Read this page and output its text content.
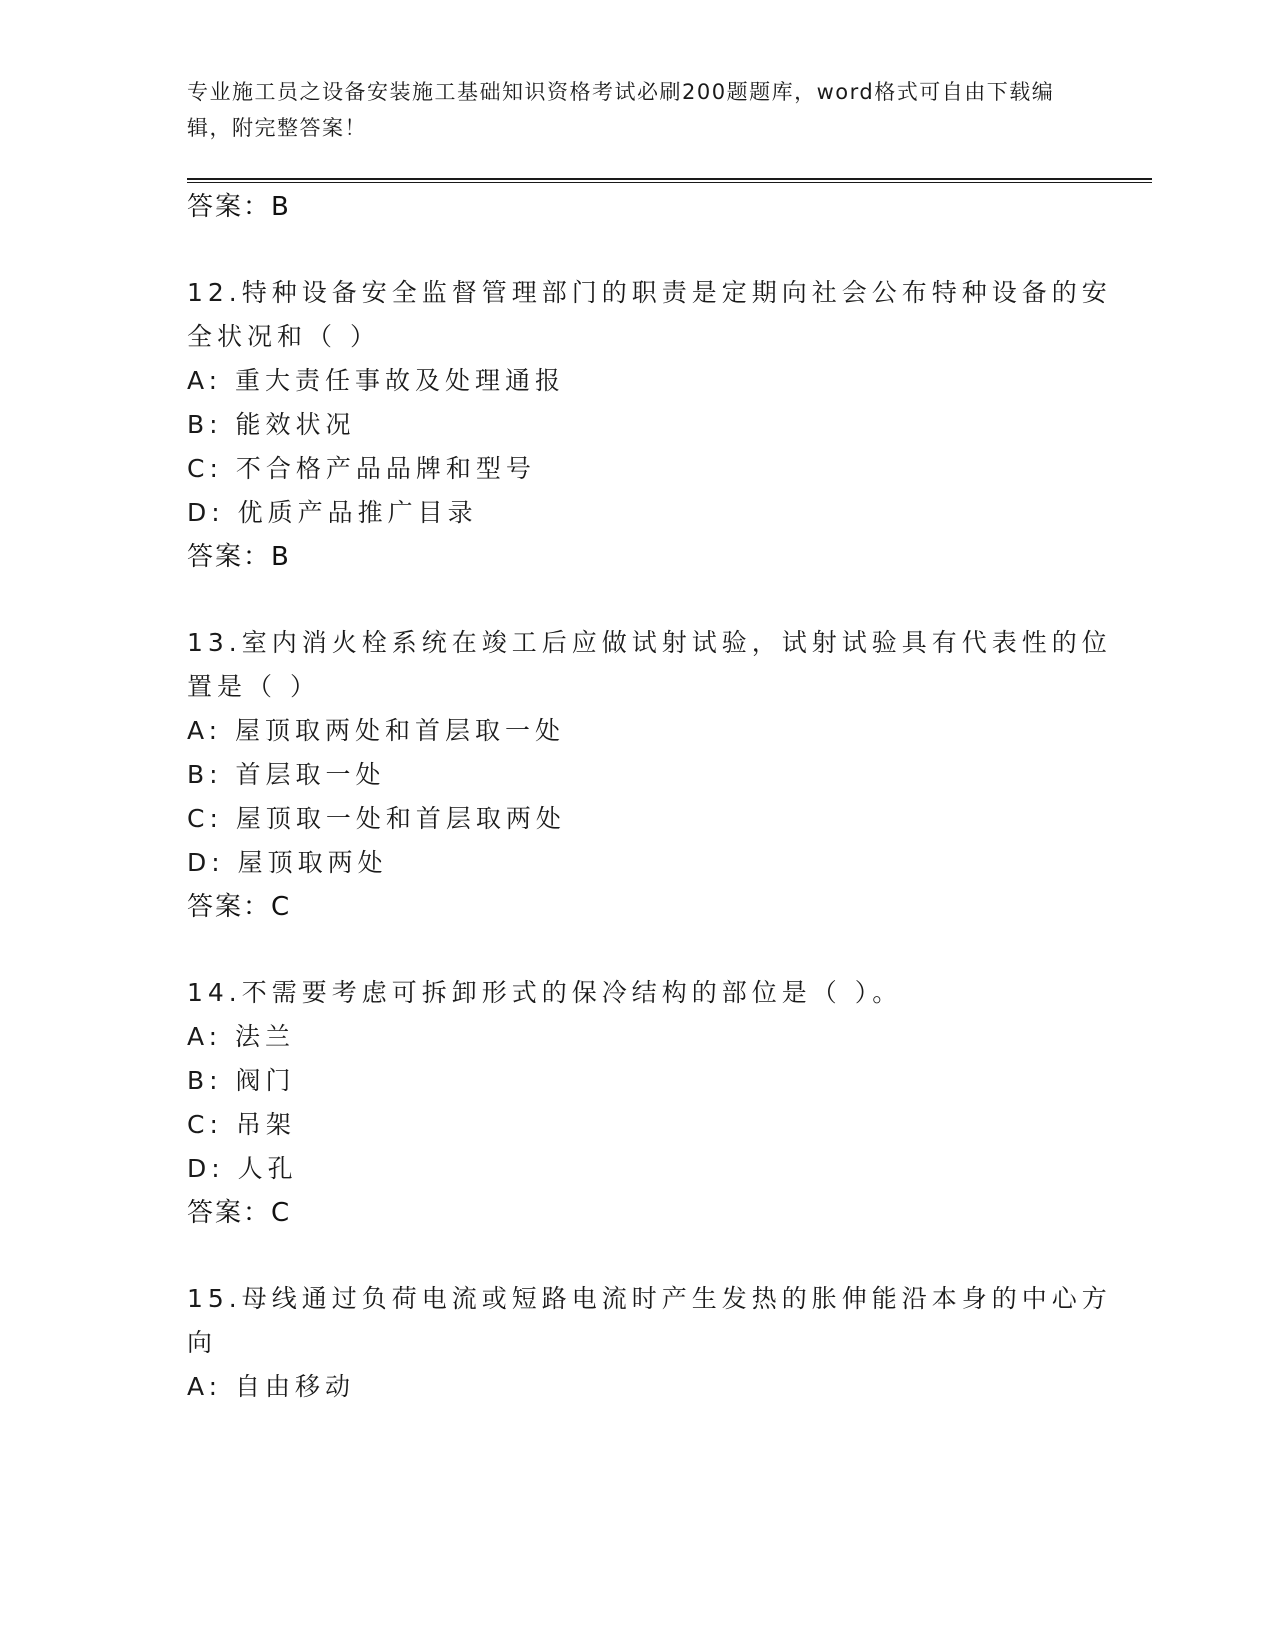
专业施工员之设备安装施工基础知识资格考试必刷200题题库，word格式可自由下载编辑，附完整答案！
答案：B
12.特种设备安全监督管理部门的职责是定期向社会公布特种设备的安
全状况和（ ）
A: 重大责任事故及处理通报
B: 能效状况
C: 不合格产品品牌和型号
D: 优质产品推广目录
答案：B
13.室内消火栓系统在竣工后应做试射试验，试射试验具有代表性的位
置是（ ）
A: 屋顶取两处和首层取一处
B: 首层取一处
C: 屋顶取一处和首层取两处
D: 屋顶取两处
答案：C
14.不需要考虑可拆卸形式的保冷结构的部位是（ ）。
A: 法兰
B: 阀门
C: 吊架
D: 人孔
答案：C
15.母线通过负荷电流或短路电流时产生发热的胀伸能沿本身的中心方
向
A: 自由移动
